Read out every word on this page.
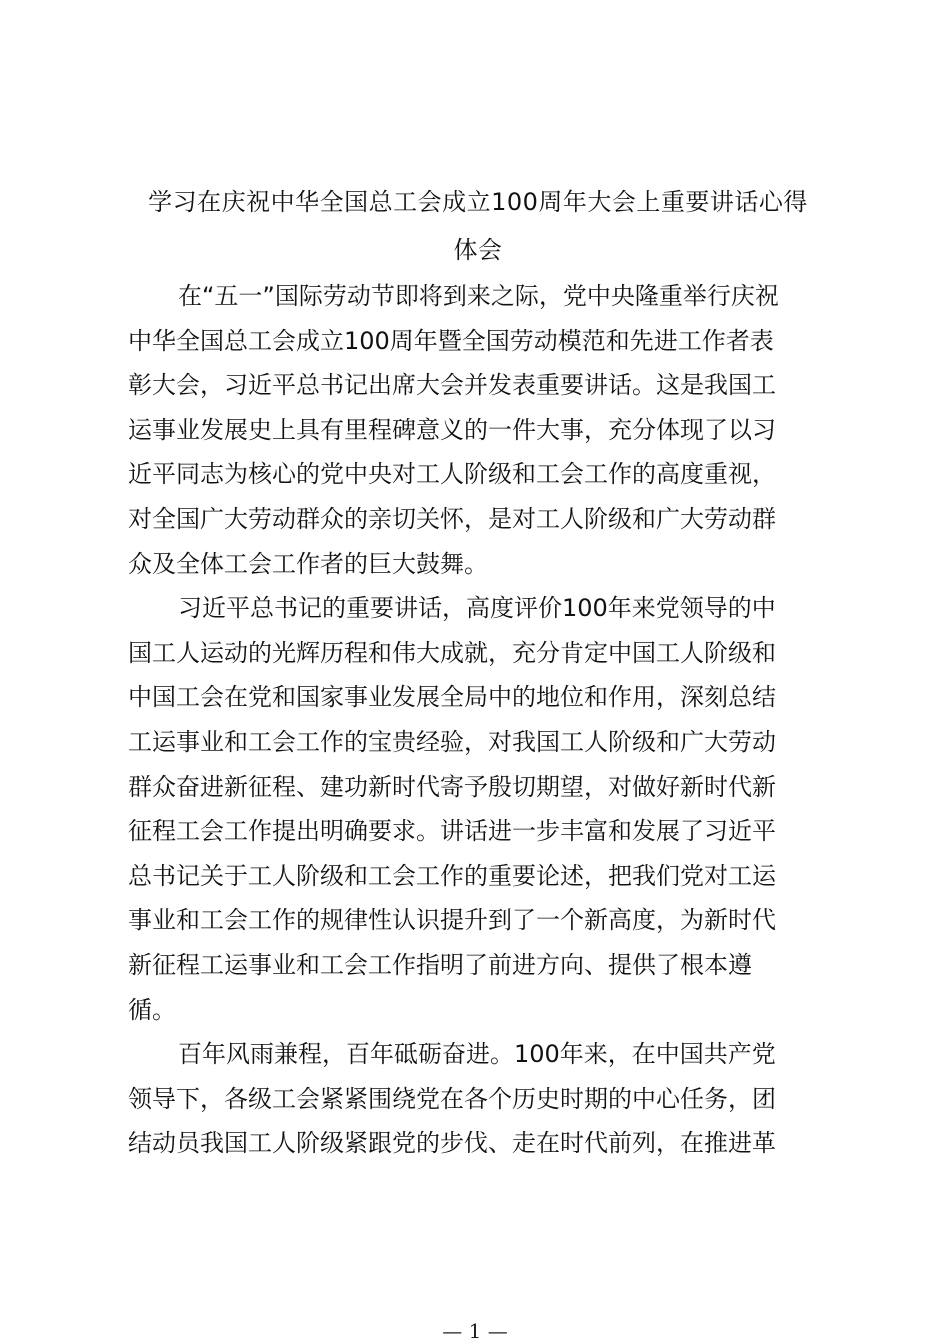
学习在庆祝中华全国总工会成立100周年大会上重要讲话心得
体会

在“五一”国际劳动节即将到来之际，党中央隆重举行庆祝
中华全国总工会成立100周年暨全国劳动模范和先进工作者表
彰大会，习近平总书记出席大会并发表重要讲话。这是我国工
运事业发展史上具有里程碑意义的一件大事，充分体现了以习
近平同志为核心的党中央对工人阶级和工会工作的高度重视，
对全国广大劳动群众的亲切关怀，是对工人阶级和广大劳动群
众及全体工会工作者的巨大鼓舞。

习近平总书记的重要讲话，高度评价100年来党领导的中
国工人运动的光辉历程和伟大成就，充分肯定中国工人阶级和
中国工会在党和国家事业发展全局中的地位和作用，深刻总结
工运事业和工会工作的宝贵经验，对我国工人阶级和广大劳动
群众奋进新征程、建功新时代寄予殷切期望，对做好新时代新
征程工会工作提出明确要求。讲话进一步丰富和发展了习近平
总书记关于工人阶级和工会工作的重要论述，把我们党对工运
事业和工会工作的规律性认识提升到了一个新高度，为新时代
新征程工运事业和工会工作指明了前进方向、提供了根本遵
循。

百年风雨兼程，百年砥砺奋进。100年来，在中国共产党
领导下，各级工会紧紧围绕党在各个历史时期的中心任务，团
结动员我国工人阶级紧跟党的步伐、走在时代前列，在推进革

— 1 —
